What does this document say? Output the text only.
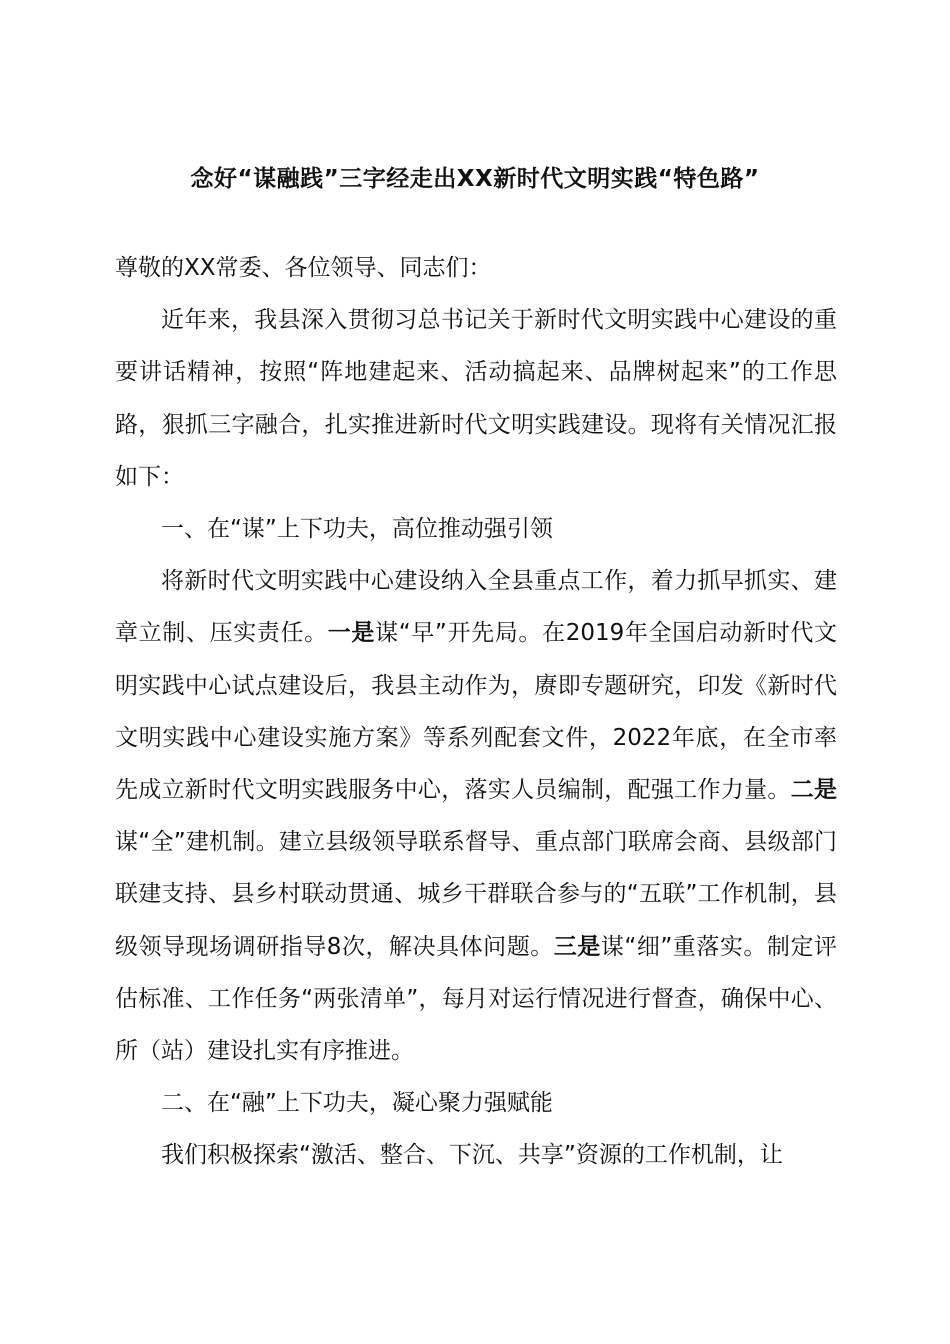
念好“谋融践”三字经走出XX新时代文明实践“特色路”

尊敬的XX常委、各位领导、同志们：

近年来，我县深入贯彻习总书记关于新时代文明实践中心建设的重要讲话精神，按照“阵地建起来、活动搞起来、品牌树起来”的工作思路，狠抓三字融合，扎实推进新时代文明实践建设。现将有关情况汇报如下：

一、在“谋”上下功夫，高位推动强引领

将新时代文明实践中心建设纳入全县重点工作，着力抓早抓实、建章立制、压实责任。一是谋“早”开先局。在2019年全国启动新时代文明实践中心试点建设后，我县主动作为，赓即专题研究，印发《新时代文明实践中心建设实施方案》等系列配套文件，2022年底，在全市率先成立新时代文明实践服务中心，落实人员编制，配强工作力量。二是谋“全”建机制。建立县级领导联系督导、重点部门联席会商、县级部门联建支持、县乡村联动贯通、城乡干群联合参与的“五联”工作机制，县级领导现场调研指导8次，解决具体问题。三是谋“细”重落实。制定评估标准、工作任务“两张清单”，每月对运行情况进行督查，确保中心、所（站）建设扎实有序推进。

二、在“融”上下功夫，凝心聚力强赋能

我们积极探索“激活、整合、下沉、共享”资源的工作机制，让
